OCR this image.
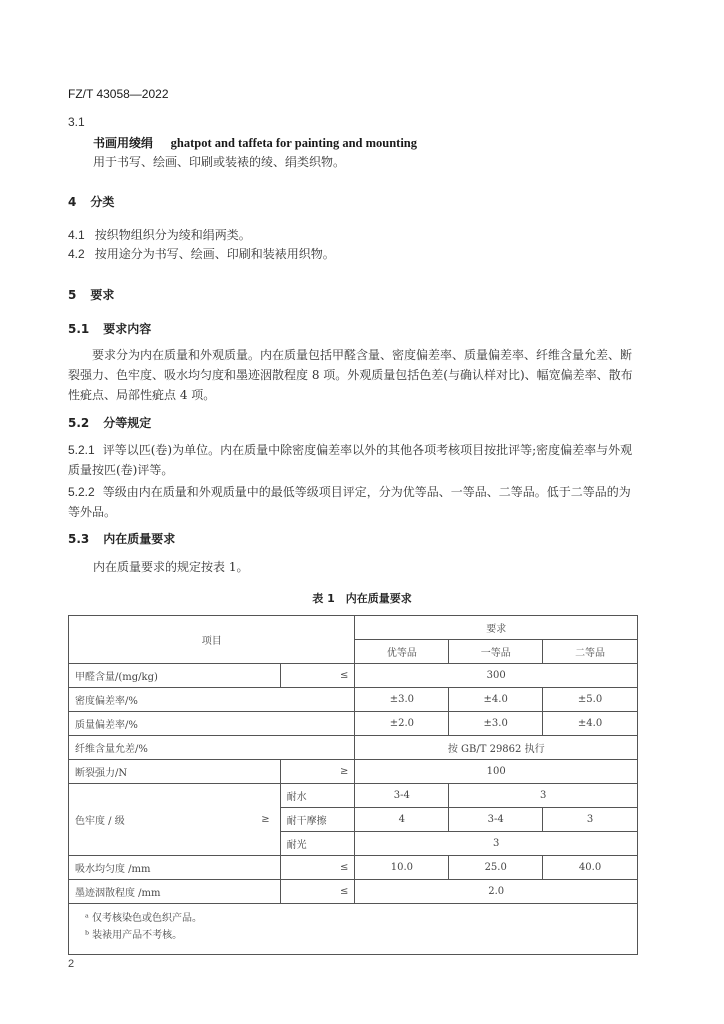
FZ/T 43058—2022
3.1
书画用绫绢 ghatpot and taffeta for painting and mounting
用于书写、绘画、印刷或装裱的绫、绢类织物。
4 分类
4.1 按织物组织分为绫和绢两类。
4.2 按用途分为书写、绘画、印刷和装裱用织物。
5 要求
5.1 要求内容
要求分为内在质量和外观质量。内在质量包括甲醛含量、密度偏差率、质量偏差率、纤维含量允差、断裂强力、色牢度、吸水均匀度和墨迹洇散程度 8 项。外观质量包括色差(与确认样对比)、幅宽偏差率、散布性疵点、局部性疵点 4 项。
5.2 分等规定
5.2.1 评等以匹(卷)为单位。内在质量中除密度偏差率以外的其他各项考核项目按批评等;密度偏差率与外观质量按匹(卷)评等。
5.2.2 等级由内在质量和外观质量中的最低等级项目评定，分为优等品、一等品、二等品。低于二等品的为等外品。
5.3 内在质量要求
内在质量要求的规定按表 1。
表 1　内在质量要求
项目			要求		
			优等品	一等品	二等品
甲醛含量/(mg/kg)		≤	300		
密度偏差率/%			±3.0	±4.0	±5.0
质量偏差率/%			±2.0	±3.0	±4.0
纤维含量允差/%			按 GB/T 29862 执行		
断裂强力/N		≥	100		
色牢度 / 级	≥	耐水	3-4	3	
		耐干摩擦	4	3-4	3
		耐光	3		
吸水均匀度 /mm		≤	10.0	25.0	40.0
墨迹洇散程度 /mm		≤	2.0		

ᵃ 仅考核染色或色织产品。
ᵇ 装裱用产品不考核。					
2
